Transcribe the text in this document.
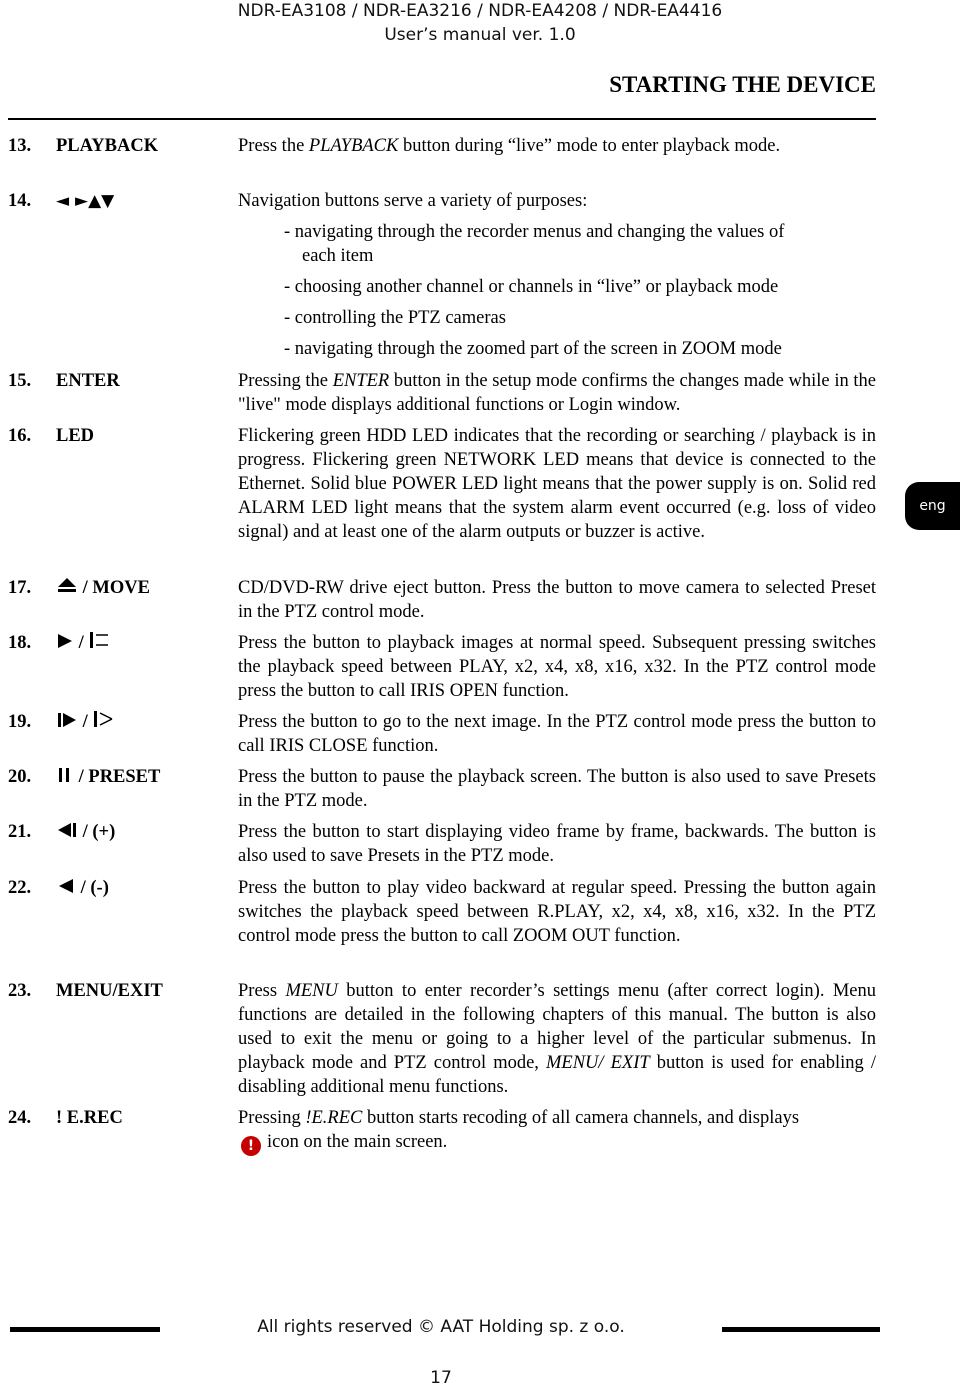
NDR-EA3108 / NDR-EA3216 / NDR-EA4208 / NDR-EA4416
User’s manual ver. 1.0
STARTING THE DEVICE
13. PLAYBACK	Press the PLAYBACK button during “live” mode to enter playback mode.
14. ◄ ►▲▼	Navigation buttons serve a variety of purposes:
- navigating through the recorder menus and changing the values of
each item
- choosing another channel or channels in “live” or playback mode
- controlling the PTZ cameras
- navigating through the zoomed part of the screen in ZOOM mode
15. ENTER	Pressing the ENTER button in the setup mode confirms the changes made while in the "live" mode displays additional functions or Login window.
16. LED	Flickering green HDD LED indicates that the recording or searching / playback is in progress. Flickering green NETWORK LED means that device is connected to the Ethernet. Solid blue POWER LED light means that the power supply is on. Solid red ALARM LED light means that the system alarm event occurred (e.g. loss of video signal) and at least one of the alarm outputs or buzzer is active.
17.	/ MOVE	CD/DVD-RW drive eject button. Press the button to move camera to selected Preset in the PTZ control mode.
18.	/	Press the button to playback images at normal speed. Subsequent pressing switches the playback speed between PLAY, x2, x4, x8, x16, x32. In the PTZ control mode press the button to call IRIS OPEN function.
19.	/	Press the button to go to the next image. In the PTZ control mode press the button to call IRIS CLOSE function.
20.	/ PRESET	Press the button to pause the playback screen. The button is also used to save Presets in the PTZ mode.
21.	/ (+)	Press the button to start displaying video frame by frame, backwards. The button is also used to save Presets in the PTZ mode.
22.	/ (-)	Press the button to play video backward at regular speed. Pressing the button again switches the playback speed between R.PLAY, x2, x4, x8, x16, x32. In the PTZ control mode press the button to call ZOOM OUT function.
23. MENU/EXIT	Press MENU button to enter recorder’s settings menu (after correct login). Menu functions are detailed in the following chapters of this manual. The button is also used to exit the menu or going to a higher level of the particular submenus. In playback mode and PTZ control mode, MENU/ EXIT button is used for enabling / disabling additional menu functions.
24. ! E.REC	Pressing !E.REC button starts recoding of all camera channels, and displays
! icon on the main screen.
eng
All rights reserved © AAT Holding sp. z o.o.
17
